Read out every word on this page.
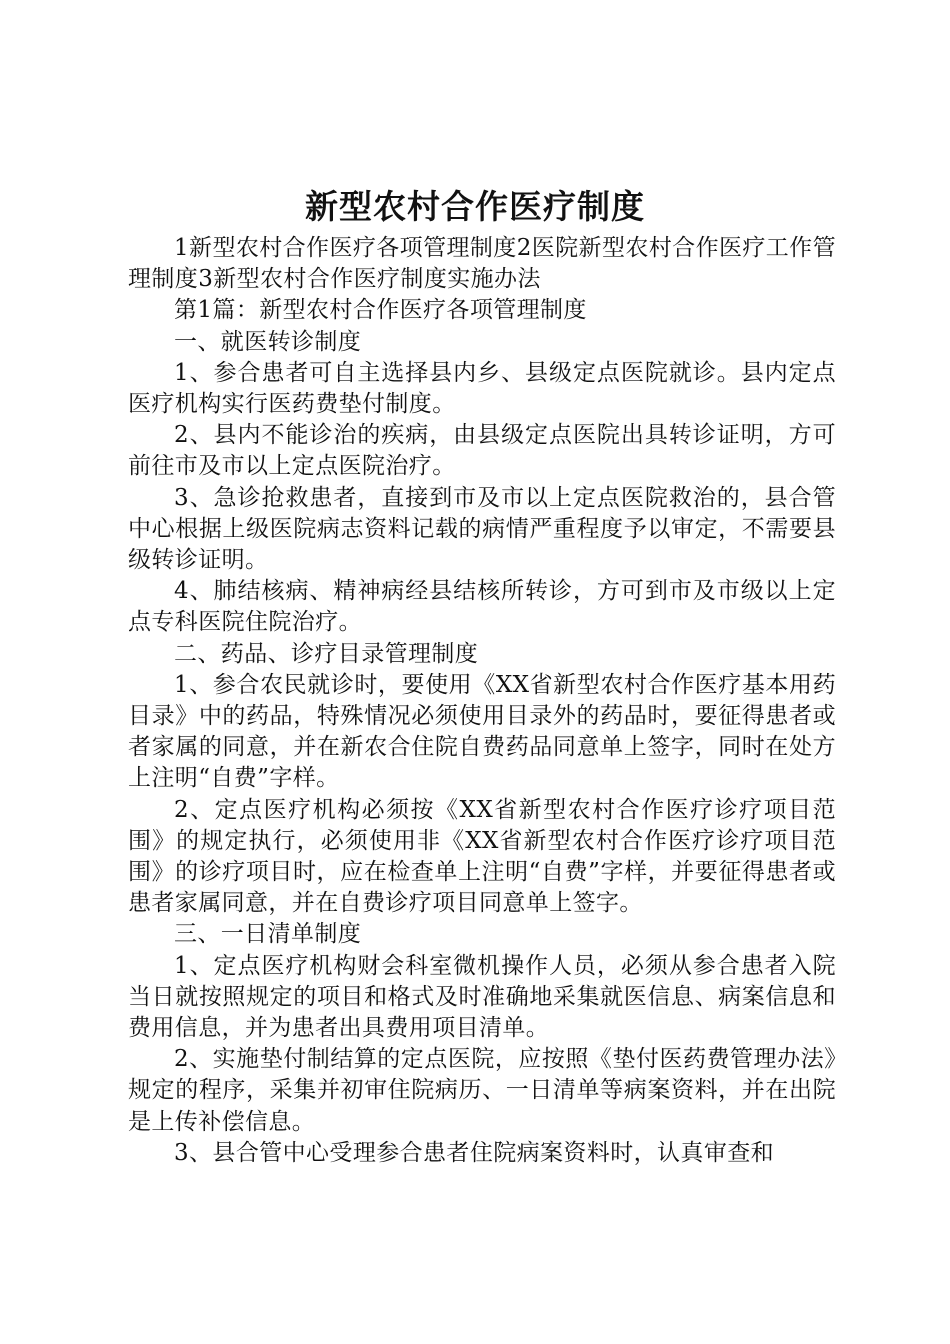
新型农村合作医疗制度

1新型农村合作医疗各项管理制度2医院新型农村合作医疗工作管理制度3新型农村合作医疗制度实施办法

第1篇：新型农村合作医疗各项管理制度

一、就医转诊制度

1、参合患者可自主选择县内乡、县级定点医院就诊。县内定点医疗机构实行医药费垫付制度。

2、县内不能诊治的疾病，由县级定点医院出具转诊证明，方可前往市及市以上定点医院治疗。

3、急诊抢救患者，直接到市及市以上定点医院救治的，县合管中心根据上级医院病志资料记载的病情严重程度予以审定，不需要县级转诊证明。

4、肺结核病、精神病经县结核所转诊，方可到市及市级以上定点专科医院住院治疗。

二、药品、诊疗目录管理制度

1、参合农民就诊时，要使用《XX省新型农村合作医疗基本用药目录》中的药品，特殊情况必须使用目录外的药品时，要征得患者或者家属的同意，并在新农合住院自费药品同意单上签字，同时在处方上注明“自费”字样。

2、定点医疗机构必须按《XX省新型农村合作医疗诊疗项目范围》的规定执行，必须使用非《XX省新型农村合作医疗诊疗项目范围》的诊疗项目时，应在检查单上注明“自费”字样，并要征得患者或患者家属同意，并在自费诊疗项目同意单上签字。

三、一日清单制度

1、定点医疗机构财会科室微机操作人员，必须从参合患者入院当日就按照规定的项目和格式及时准确地采集就医信息、病案信息和费用信息，并为患者出具费用项目清单。

2、实施垫付制结算的定点医院，应按照《垫付医药费管理办法》规定的程序，采集并初审住院病历、一日清单等病案资料，并在出院是上传补偿信息。

3、县合管中心受理参合患者住院病案资料时，认真审查和
